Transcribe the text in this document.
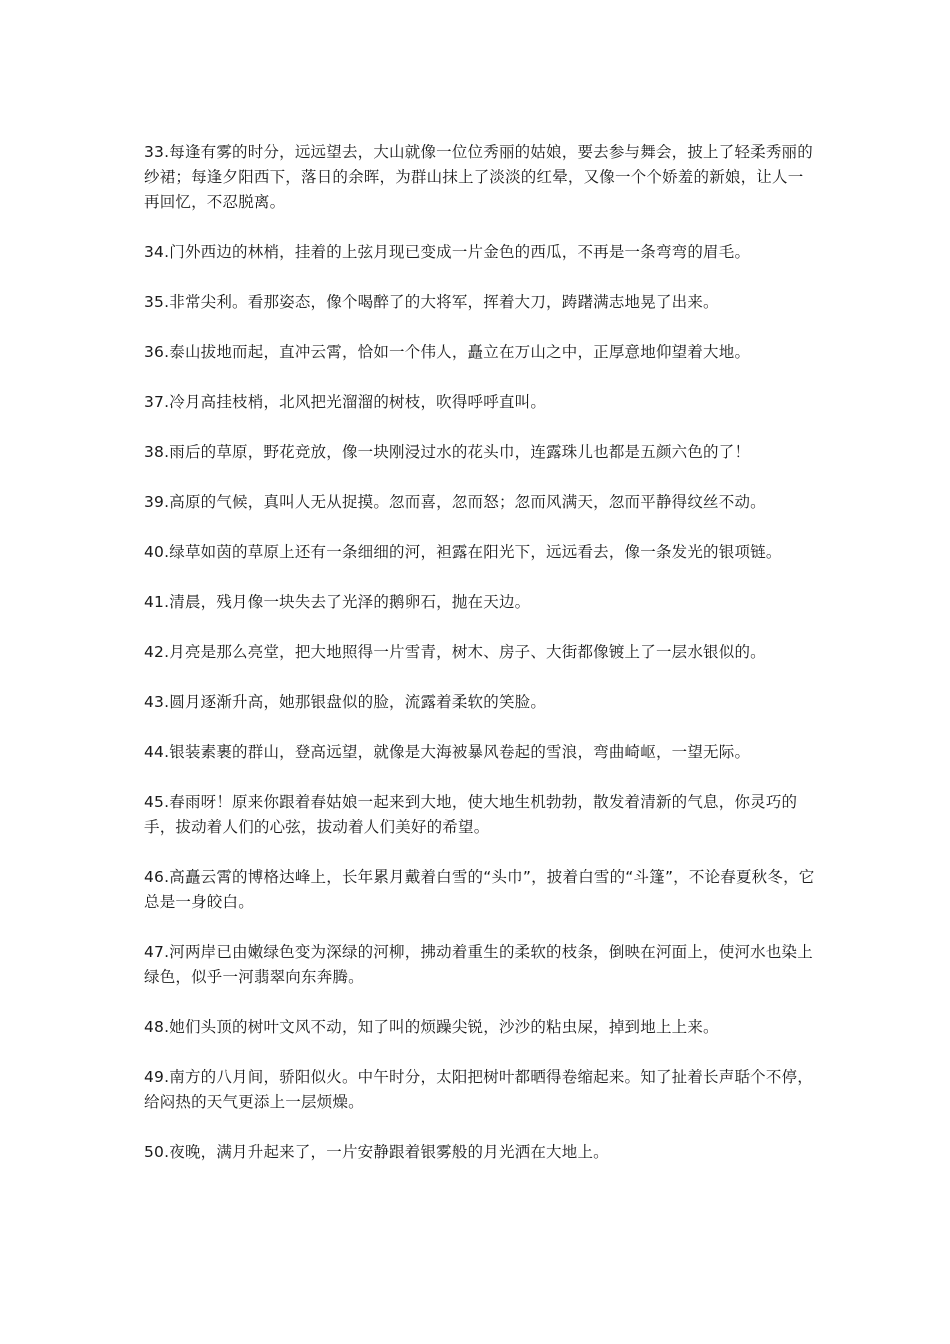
33.每逢有雾的时分，远远望去，大山就像一位位秀丽的姑娘，要去参与舞会，披上了轻柔秀丽的纱裙；每逢夕阳西下，落日的余晖，为群山抹上了淡淡的红晕，又像一个个娇羞的新娘，让人一再回忆，不忍脱离。

34.门外西边的林梢，挂着的上弦月现已变成一片金色的西瓜，不再是一条弯弯的眉毛。

35.非常尖利。看那姿态，像个喝醉了的大将军，挥着大刀，踌躇满志地晃了出来。

36.泰山拔地而起，直冲云霄，恰如一个伟人，矗立在万山之中，正厚意地仰望着大地。

37.冷月高挂枝梢，北风把光溜溜的树枝，吹得呼呼直叫。

38.雨后的草原，野花竞放，像一块刚浸过水的花头巾，连露珠儿也都是五颜六色的了！

39.高原的气候，真叫人无从捉摸。忽而喜，忽而怒；忽而风满天，忽而平静得纹丝不动。

40.绿草如茵的草原上还有一条细细的河，袒露在阳光下，远远看去，像一条发光的银项链。

41.清晨，残月像一块失去了光泽的鹅卵石，抛在天边。

42.月亮是那么亮堂，把大地照得一片雪青，树木、房子、大街都像镀上了一层水银似的。

43.圆月逐渐升高，她那银盘似的脸，流露着柔软的笑脸。

44.银装素裹的群山，登高远望，就像是大海被暴风卷起的雪浪，弯曲崎岖，一望无际。

45.春雨呀！原来你跟着春姑娘一起来到大地，使大地生机勃勃，散发着清新的气息，你灵巧的手，拔动着人们的心弦，拔动着人们美好的希望。

46.高矗云霄的博格达峰上，长年累月戴着白雪的“头巾”，披着白雪的“斗篷”，不论春夏秋冬，它总是一身皎白。

47.河两岸已由嫩绿色变为深绿的河柳，拂动着重生的柔软的枝条，倒映在河面上，使河水也染上绿色，似乎一河翡翠向东奔腾。

48.她们头顶的树叶文风不动，知了叫的烦躁尖锐，沙沙的粘虫屎，掉到地上上来。

49.南方的八月间，骄阳似火。中午时分，太阳把树叶都晒得卷缩起来。知了扯着长声聒个不停，给闷热的天气更添上一层烦燥。

50.夜晚，满月升起来了，一片安静跟着银雾般的月光洒在大地上。
